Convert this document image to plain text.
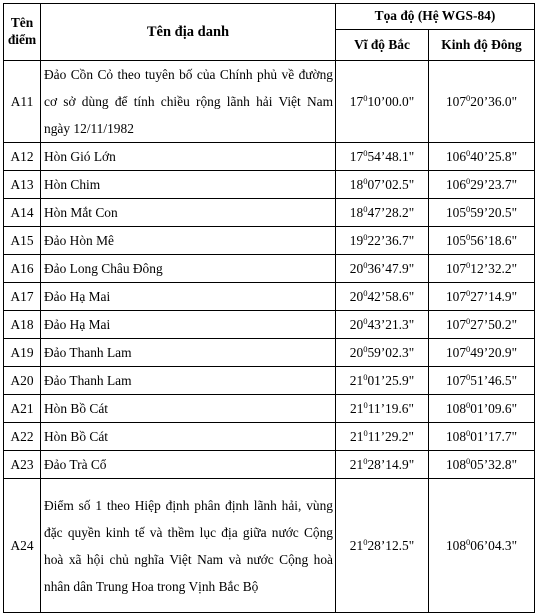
Tên điểm	Tên địa danh	Tọa độ (Hệ WGS-84)	
		Vĩ độ Bắc	Kinh độ Đông
A11	Đảo Cồn Cỏ theo tuyên bố của Chính phủ về đường cơ sở dùng để tính chiều rộng lãnh hải Việt Nam ngày 12/11/1982	$17^010’00.0$"	$107^020’36.0$"
A12	Hòn Gió Lớn	$17^054’48.1$"	$106^040’25.8$"
A13	Hòn Chim	$18^007’02.5$"	$106^029’23.7$"
A14	Hòn Mắt Con	$18^047’28.2$"	$105^059’20.5$"
A15	Đảo Hòn Mê	$19^022’36.7$"	$105^056’18.6$"
A16	Đảo Long Châu Đông	$20^036’47.9$"	$107^012’32.2$"
A17	Đảo Hạ Mai	$20^042’58.6$"	$107^027’14.9$"
A18	Đảo Hạ Mai	$20^043’21.3$"	$107^027’50.2$"
A19	Đảo Thanh Lam	$20^059’02.3$"	$107^049’20.9$"
A20	Đảo Thanh Lam	$21^001’25.9$"	$107^051’46.5$"
A21	Hòn Bồ Cát	$21^011’19.6$"	$108^001’09.6$"
A22	Hòn Bồ Cát	$21^011’29.2$"	$108^001’17.7$"
A23	Đảo Trà Cổ	$21^028’14.9$"	$108^005’32.8$"
A24	Điểm số 1 theo Hiệp định phân định lãnh hải, vùng đặc quyền kinh tế và thềm lục địa giữa nước Cộng hoà xã hội chủ nghĩa Việt Nam và nước Cộng hoà nhân dân Trung Hoa trong Vịnh Bắc Bộ	$21^028’12.5$"	$108^006’04.3$"
